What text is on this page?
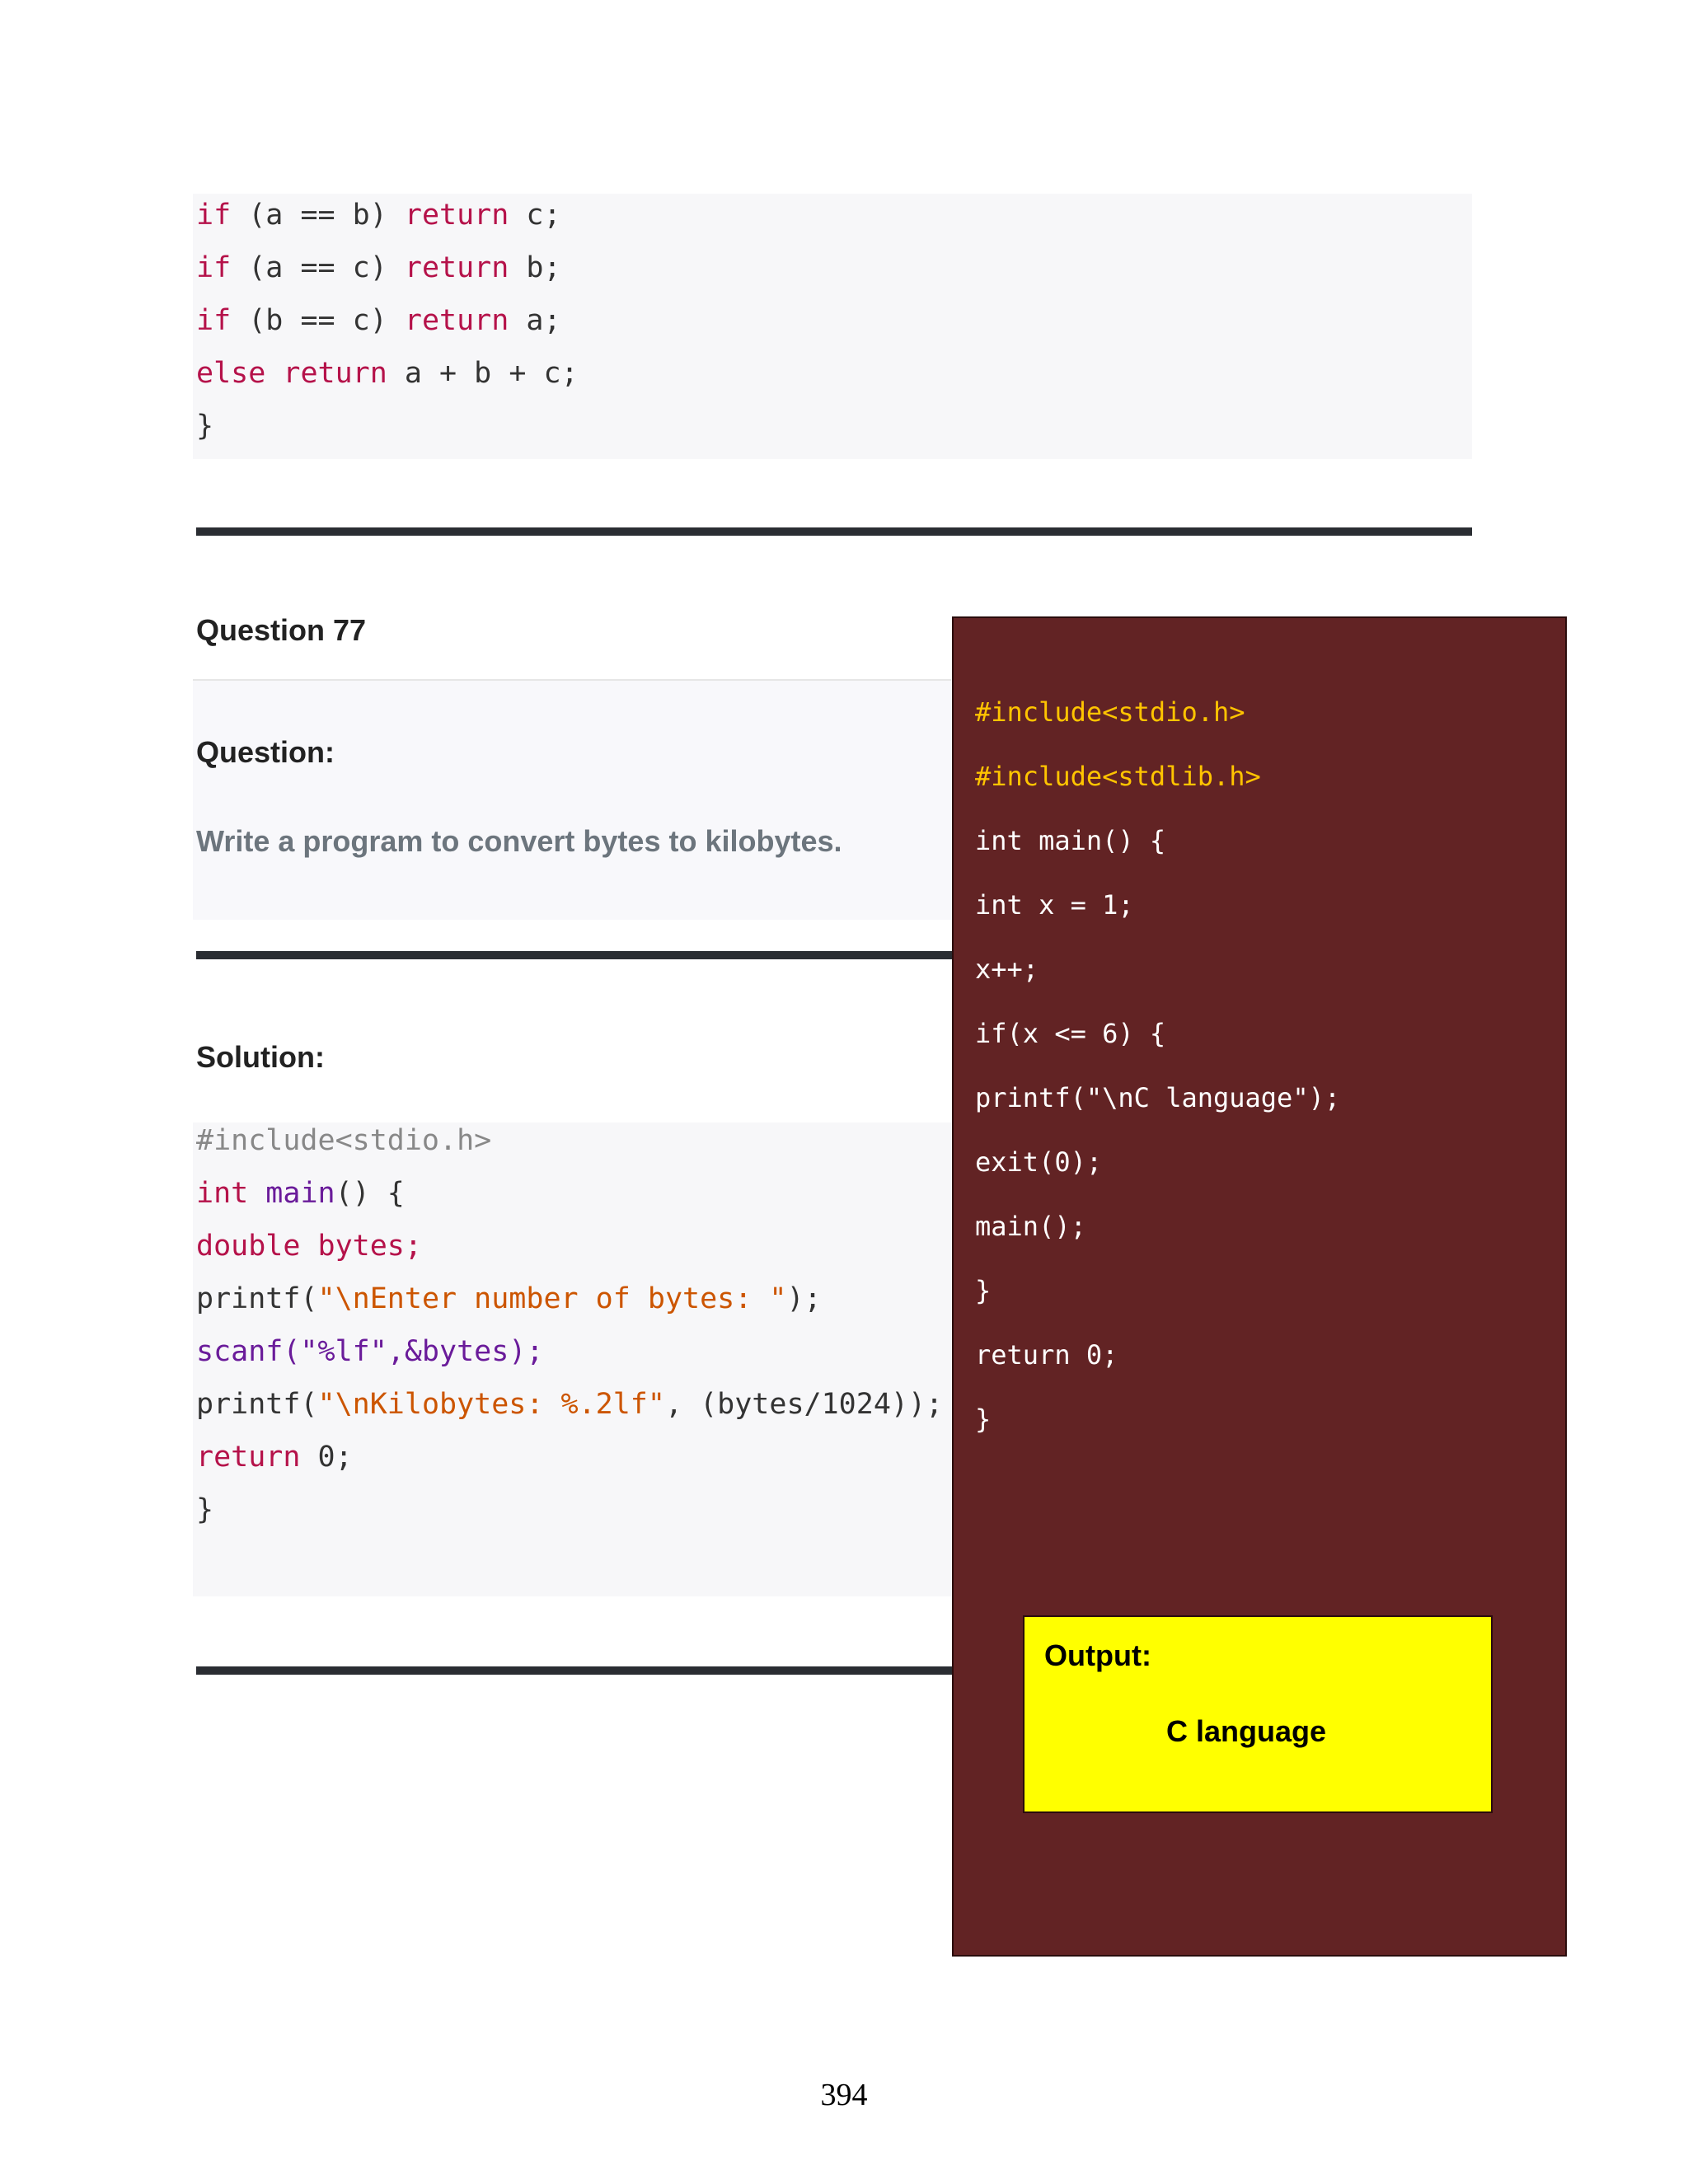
if (a == b) return c;
if (a == c) return b;
if (b == c) return a;
else return a + b + c;
}
Question 77
Question:
Write a program to convert bytes to kilobytes.
Solution:
#include<stdio.h>
int main() {
double bytes;
printf("\nEnter number of bytes: ");
scanf("%lf",&bytes);
printf("\nKilobytes: %.2lf", (bytes/1024));
return 0;
}
#include<stdio.h>
#include<stdlib.h>
int main() {
int x = 1;
x++;
if(x <= 6) {
printf("\nC language");
exit(0);
main();
}
return 0;
}
Output:
C language
394
